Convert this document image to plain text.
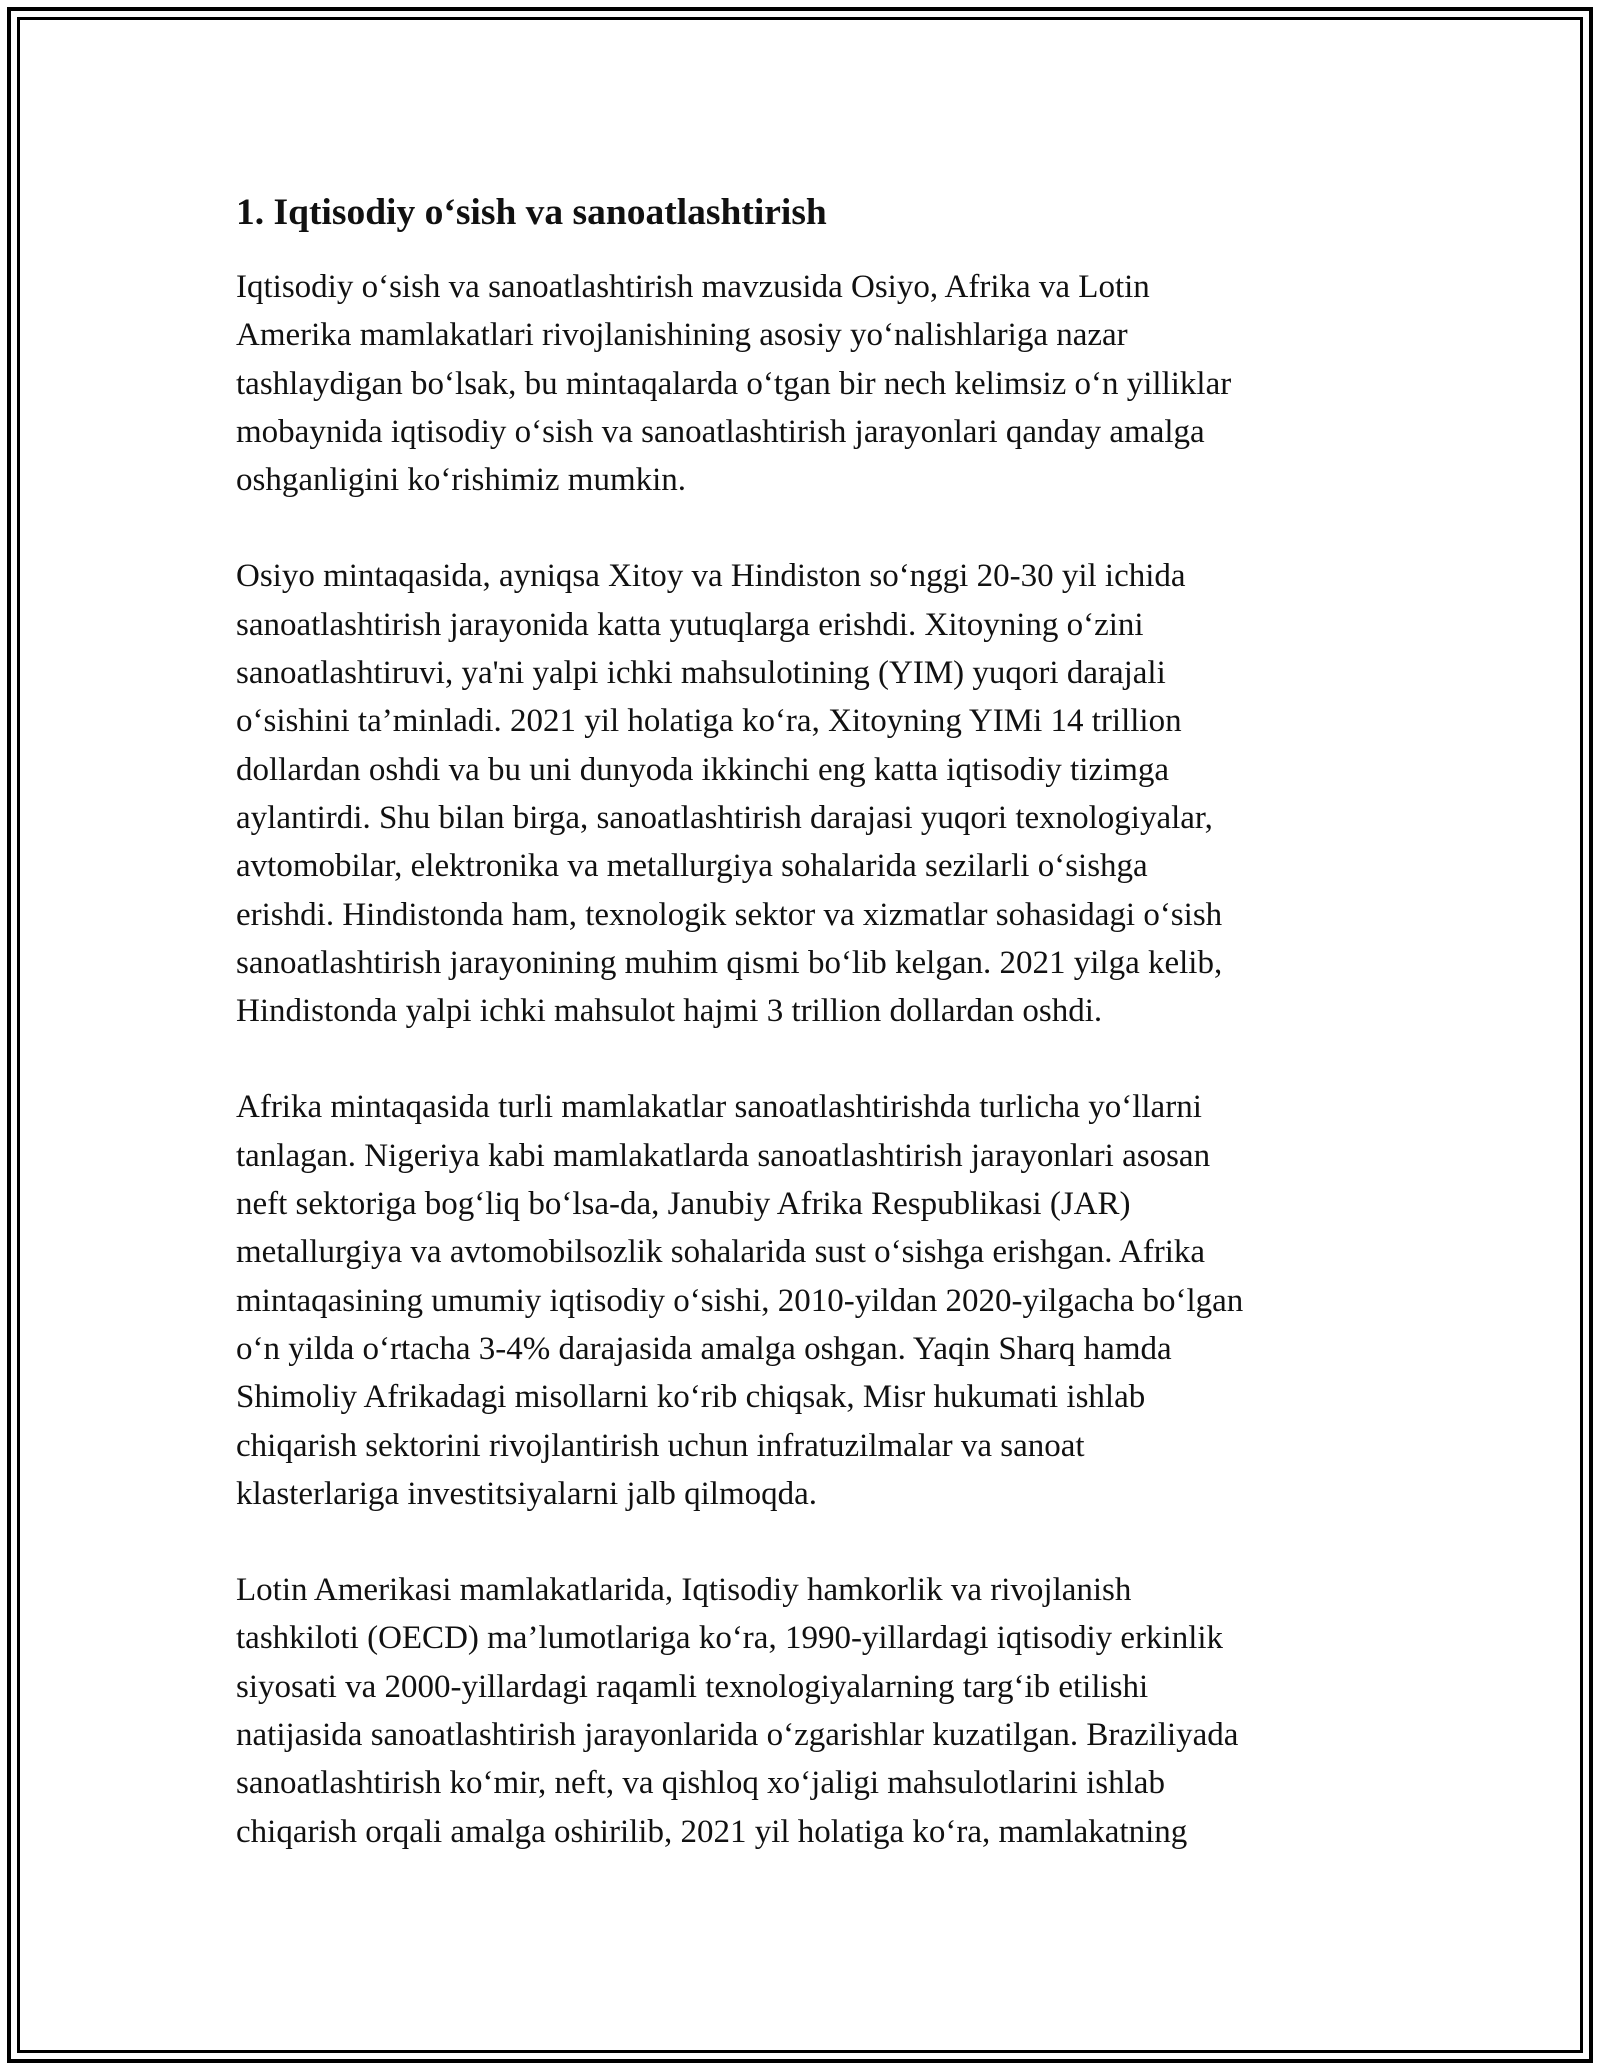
1. Iqtisodiy o‘sish va sanoatlashtirish

Iqtisodiy o‘sish va sanoatlashtirish mavzusida Osiyo, Afrika va Lotin
Amerika mamlakatlari rivojlanishining asosiy yo‘nalishlariga nazar
tashlaydigan bo‘lsak, bu mintaqalarda o‘tgan bir nech kelimsiz o‘n yilliklar
mobaynida iqtisodiy o‘sish va sanoatlashtirish jarayonlari qanday amalga
oshganligini ko‘rishimiz mumkin.

Osiyo mintaqasida, ayniqsa Xitoy va Hindiston so‘nggi 20-30 yil ichida
sanoatlashtirish jarayonida katta yutuqlarga erishdi. Xitoyning o‘zini
sanoatlashtiruvi, ya'ni yalpi ichki mahsulotining (YIM) yuqori darajali
o‘sishini ta’minladi. 2021 yil holatiga ko‘ra, Xitoyning YIMi 14 trillion
dollardan oshdi va bu uni dunyoda ikkinchi eng katta iqtisodiy tizimga
aylantirdi. Shu bilan birga, sanoatlashtirish darajasi yuqori texnologiyalar,
avtomobilar, elektronika va metallurgiya sohalarida sezilarli o‘sishga
erishdi. Hindistonda ham, texnologik sektor va xizmatlar sohasidagi o‘sish
sanoatlashtirish jarayonining muhim qismi bo‘lib kelgan. 2021 yilga kelib,
Hindistonda yalpi ichki mahsulot hajmi 3 trillion dollardan oshdi.

Afrika mintaqasida turli mamlakatlar sanoatlashtirishda turlicha yo‘llarni
tanlagan. Nigeriya kabi mamlakatlarda sanoatlashtirish jarayonlari asosan
neft sektoriga bog‘liq bo‘lsa-da, Janubiy Afrika Respublikasi (JAR)
metallurgiya va avtomobilsozlik sohalarida sust o‘sishga erishgan. Afrika
mintaqasining umumiy iqtisodiy o‘sishi, 2010-yildan 2020-yilgacha bo‘lgan
o‘n yilda o‘rtacha 3-4% darajasida amalga oshgan. Yaqin Sharq hamda
Shimoliy Afrikadagi misollarni ko‘rib chiqsak, Misr hukumati ishlab
chiqarish sektorini rivojlantirish uchun infratuzilmalar va sanoat
klasterlariga investitsiyalarni jalb qilmoqda.

Lotin Amerikasi mamlakatlarida, Iqtisodiy hamkorlik va rivojlanish
tashkiloti (OECD) ma’lumotlariga ko‘ra, 1990-yillardagi iqtisodiy erkinlik
siyosati va 2000-yillardagi raqamli texnologiyalarning targ‘ib etilishi
natijasida sanoatlashtirish jarayonlarida o‘zgarishlar kuzatilgan. Braziliyada
sanoatlashtirish ko‘mir, neft, va qishloq xo‘jaligi mahsulotlarini ishlab
chiqarish orqali amalga oshirilib, 2021 yil holatiga ko‘ra, mamlakatning
